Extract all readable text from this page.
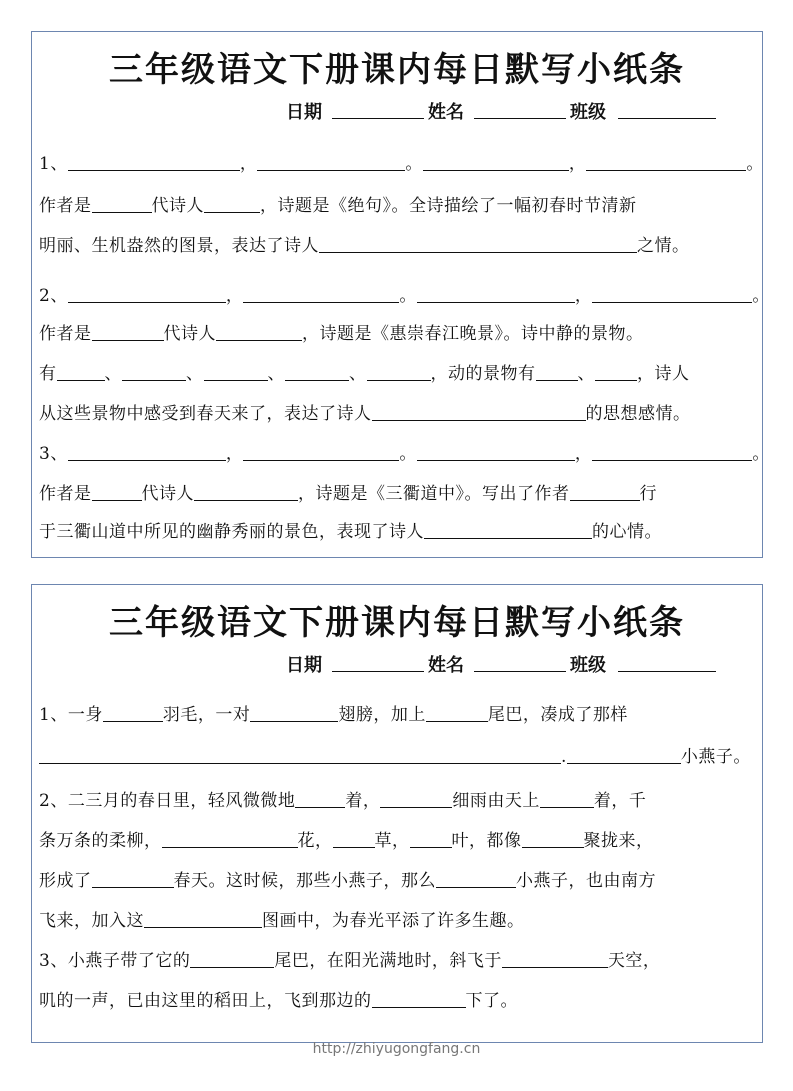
三年级语文下册课内每日默写小纸条
日期	姓名	班级
1、	，	。	，	。
作者是	代诗人	，诗题是《绝句》。全诗描绘了一幅初春时节清新
明丽、生机盎然的图景，表达了诗人	之情。
2、	，	。	，	。
作者是	代诗人	，诗题是《惠崇春江晚景》。诗中静的景物。
有	、	、	、	、	，动的景物有 、 ，诗人
从这些景物中感受到春天来了，表达了诗人	的思想感情。
3、	，	。	，	。
作者是	代诗人	，诗题是《三衢道中》。写出了作者	行
于三衢山道中所见的幽静秀丽的景色，表现了诗人	的心情。
三年级语文下册课内每日默写小纸条
日期	姓名	班级
1、一身	羽毛，一对	翅膀，加上	尾巴，凑成了那样
.	小燕子。
2、二三月的春日里，轻风微微地	着，	细雨由天上	着，千
条万条的柔柳，	花， 草， 叶，都像	聚拢来，
形成了	春天。这时候，那些小燕子，那么	小燕子，也由南方
飞来，加入这	图画中，为春光平添了许多生趣。
3、小燕子带了它的	尾巴，在阳光满地时，斜飞于	天空，
叽的一声，已由这里的稻田上，飞到那边的	下了。
http://zhiyugongfang.cn
